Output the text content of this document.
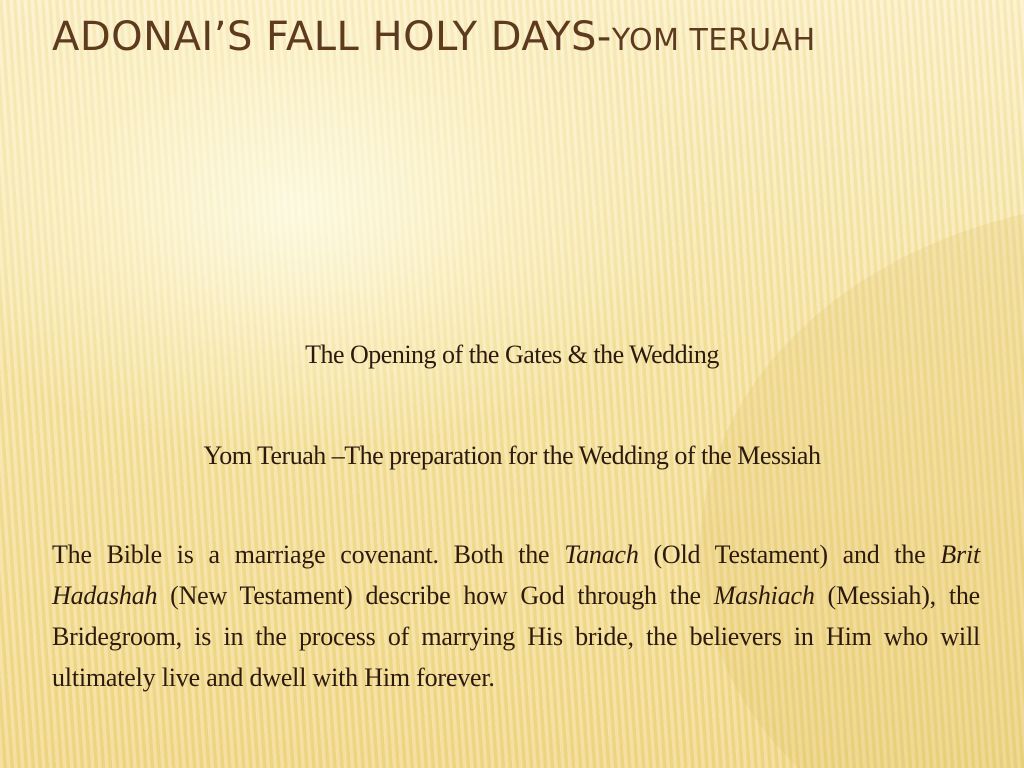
ADONAI’S FALL HOLY DAYS-YOM TERUAH

The Opening of the Gates & the Wedding

Yom Teruah –The preparation for the Wedding of the Messiah

The Bible is a marriage covenant. Both the Tanach (Old Testament) and the Brit Hadashah (New Testament) describe how God through the Mashiach (Messiah), the Bridegroom, is in the process of marrying His bride, the believers in Him who will ultimately live and dwell with Him forever.
